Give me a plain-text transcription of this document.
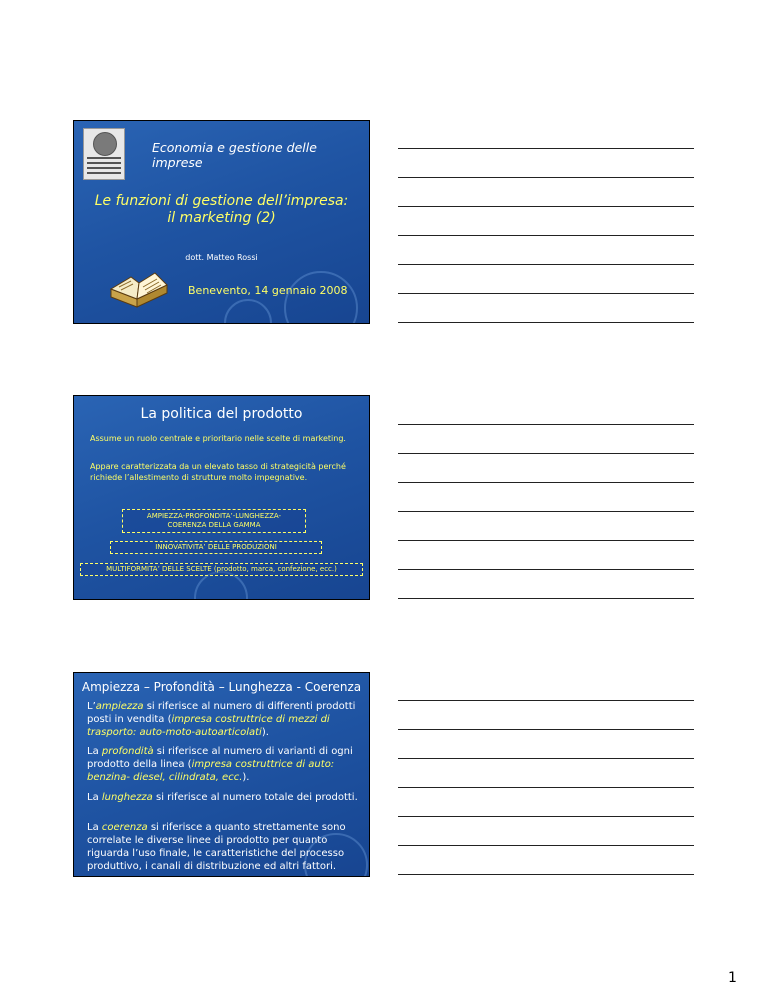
Economia e gestione delle imprese
Le funzioni di gestione dell’impresa:
il marketing (2)
dott. Matteo Rossi
Benevento, 14 gennaio 2008
La politica del prodotto
Assume un ruolo centrale e prioritario nelle scelte di marketing.
Appare caratterizzata da un elevato tasso di strategicità perché richiede l’allestimento di strutture molto impegnative.
AMPIEZZA-PROFONDITA’-LUNGHEZZA-
COERENZA DELLA GAMMA
INNOVATIVITA’ DELLE PRODUZIONI
MULTIFORMITA’ DELLE SCELTE (prodotto, marca, confezione, ecc.)
Ampiezza – Profondità – Lunghezza - Coerenza
L’ampiezza si riferisce al numero di differenti prodotti posti in vendita (impresa costruttrice di mezzi di trasporto: auto-moto-autoarticolati).
La profondità si riferisce al numero di varianti di ogni prodotto della linea (impresa costruttrice di auto: benzina- diesel, cilindrata, ecc.).
La lunghezza si riferisce al numero totale dei prodotti.
La coerenza si riferisce a quanto strettamente sono correlate le diverse linee di prodotto per quanto riguarda l’uso finale, le caratteristiche del processo produttivo, i canali di distribuzione ed altri fattori.
1
